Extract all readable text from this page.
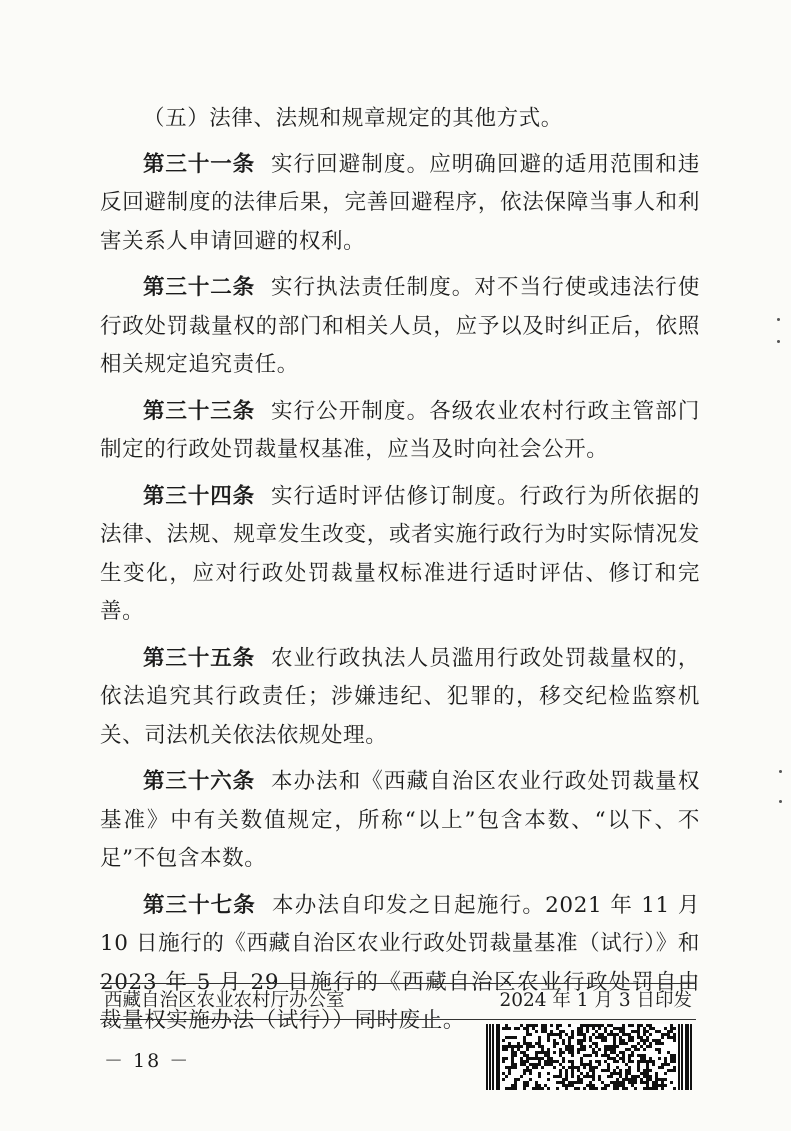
（五）法律、法规和规章规定的其他方式。

第三十一条 实行回避制度。应明确回避的适用范围和违反回避制度的法律后果，完善回避程序，依法保障当事人和利害关系人申请回避的权利。

第三十二条 实行执法责任制度。对不当行使或违法行使行政处罚裁量权的部门和相关人员，应予以及时纠正后，依照相关规定追究责任。

第三十三条 实行公开制度。各级农业农村行政主管部门制定的行政处罚裁量权基准，应当及时向社会公开。

第三十四条 实行适时评估修订制度。行政行为所依据的法律、法规、规章发生改变，或者实施行政行为时实际情况发生变化，应对行政处罚裁量权标准进行适时评估、修订和完善。

第三十五条 农业行政执法人员滥用行政处罚裁量权的，依法追究其行政责任；涉嫌违纪、犯罪的，移交纪检监察机关、司法机关依法依规处理。

第三十六条 本办法和《西藏自治区农业行政处罚裁量权基准》中有关数值规定，所称“以上”包含本数、“以下、不足”不包含本数。

第三十七条 本办法自印发之日起施行。2021 年 11 月 10 日施行的《西藏自治区农业行政处罚裁量基准（试行）》和 2023 年 5 月 29 日施行的《西藏自治区农业行政处罚自由裁量权实施办法（试行））同时废止。

西藏自治区农业农村厅办公室	2024 年 1 月 3 日印发
－ 18 －
